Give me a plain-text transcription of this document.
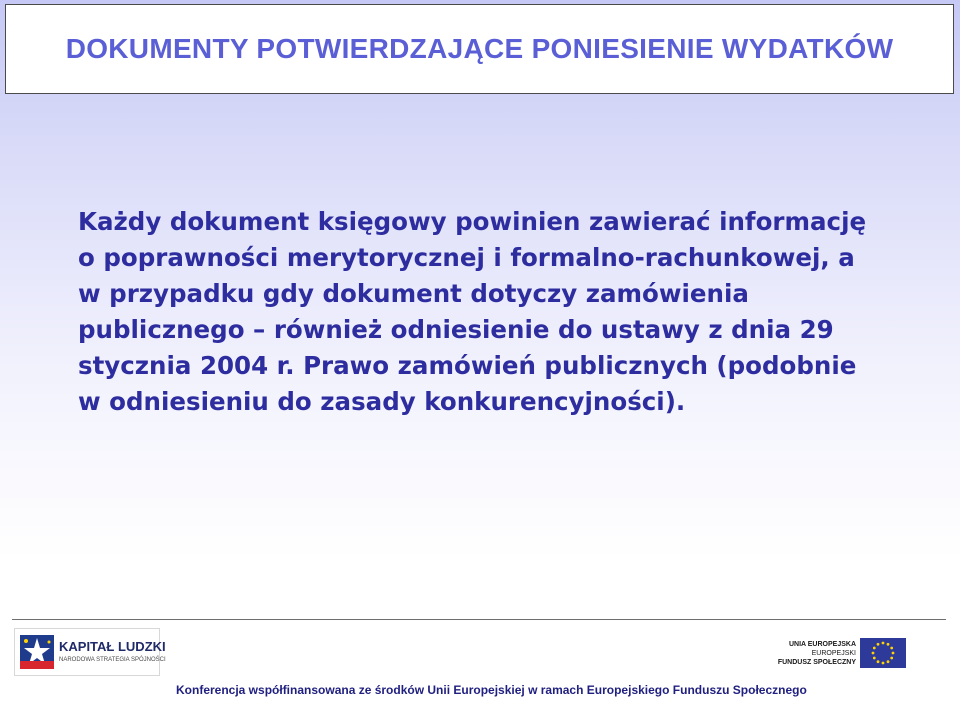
DOKUMENTY POTWIERDZAJĄCE PONIESIENIE WYDATKÓW

Każdy dokument księgowy powinien zawierać informację o poprawności merytorycznej i formalno-rachunkowej, a w przypadku gdy dokument dotyczy zamówienia publicznego – również odniesienie do ustawy z dnia 29 stycznia 2004 r. Prawo zamówień publicznych (podobnie w odniesieniu do zasady konkurencyjności).

KAPITAŁ LUDZKI
NARODOWA STRATEGIA SPÓJNOŚCI
UNIA EUROPEJSKA
EUROPEJSKI
FUNDUSZ SPOŁECZNY

Konferencja współfinansowana ze środków Unii Europejskiej w ramach Europejskiego Funduszu Społecznego
